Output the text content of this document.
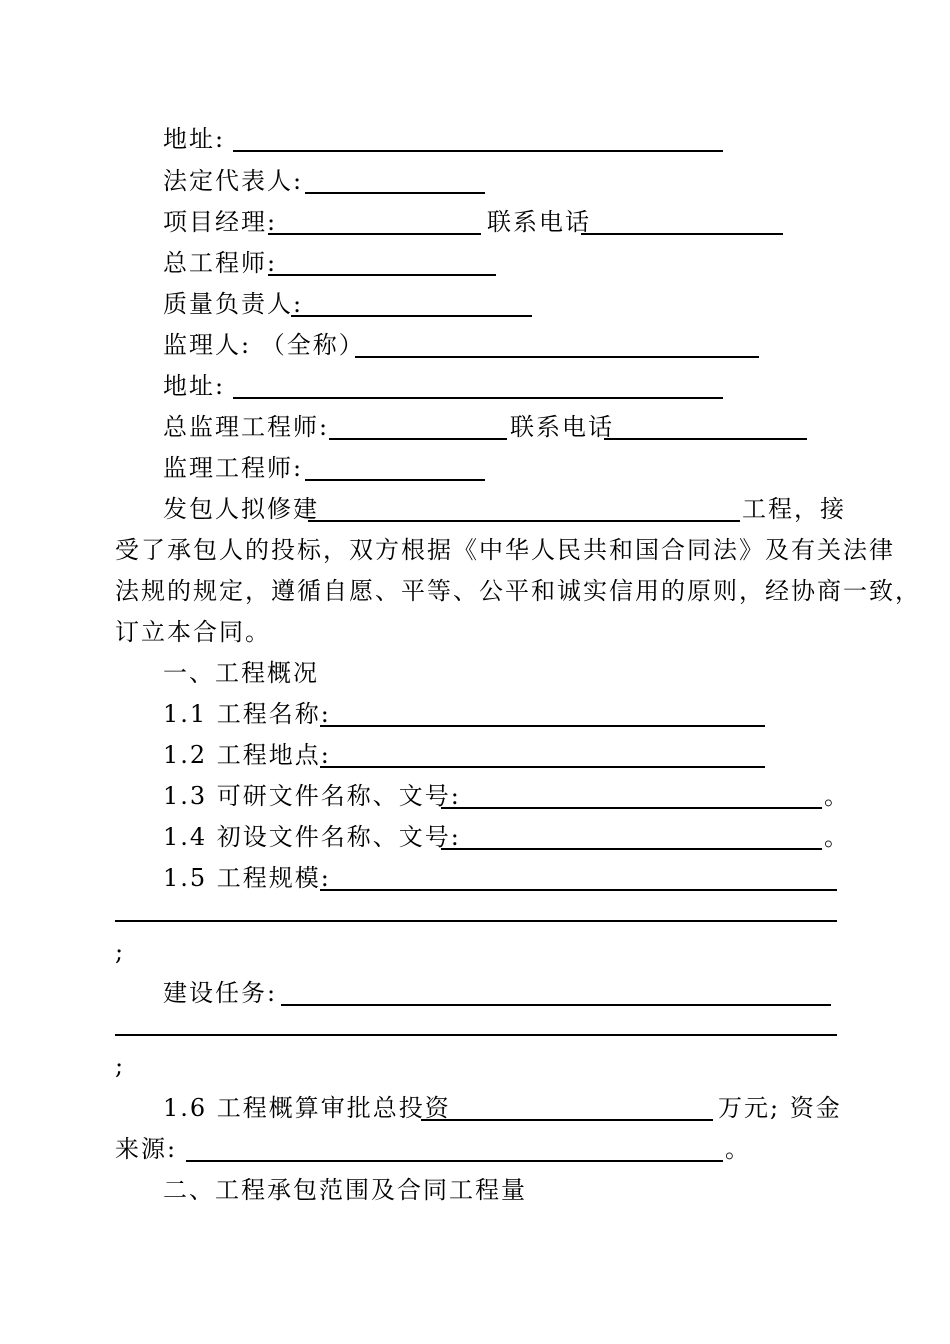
地址:
法定代表人:
项目经理:	联系电话
总工程师:
质量负责人:
监理人: （全称）
地址:
总监理工程师:	联系电话
监理工程师:
发包人拟修建	工程，接
受了承包人的投标，双方根据《中华人民共和国合同法》及有关法律
法规的规定，遵循自愿、平等、公平和诚实信用的原则，经协商一致，
订立本合同。
一、工程概况
1.1 工程名称:
1.2 工程地点:
1.3 可研文件名称、文号:	。
1.4 初设文件名称、文号:	。
1.5 工程规模:
;
建设任务:
;
1.6 工程概算审批总投资	万元; 资金
来源:	。
二、工程承包范围及合同工程量
